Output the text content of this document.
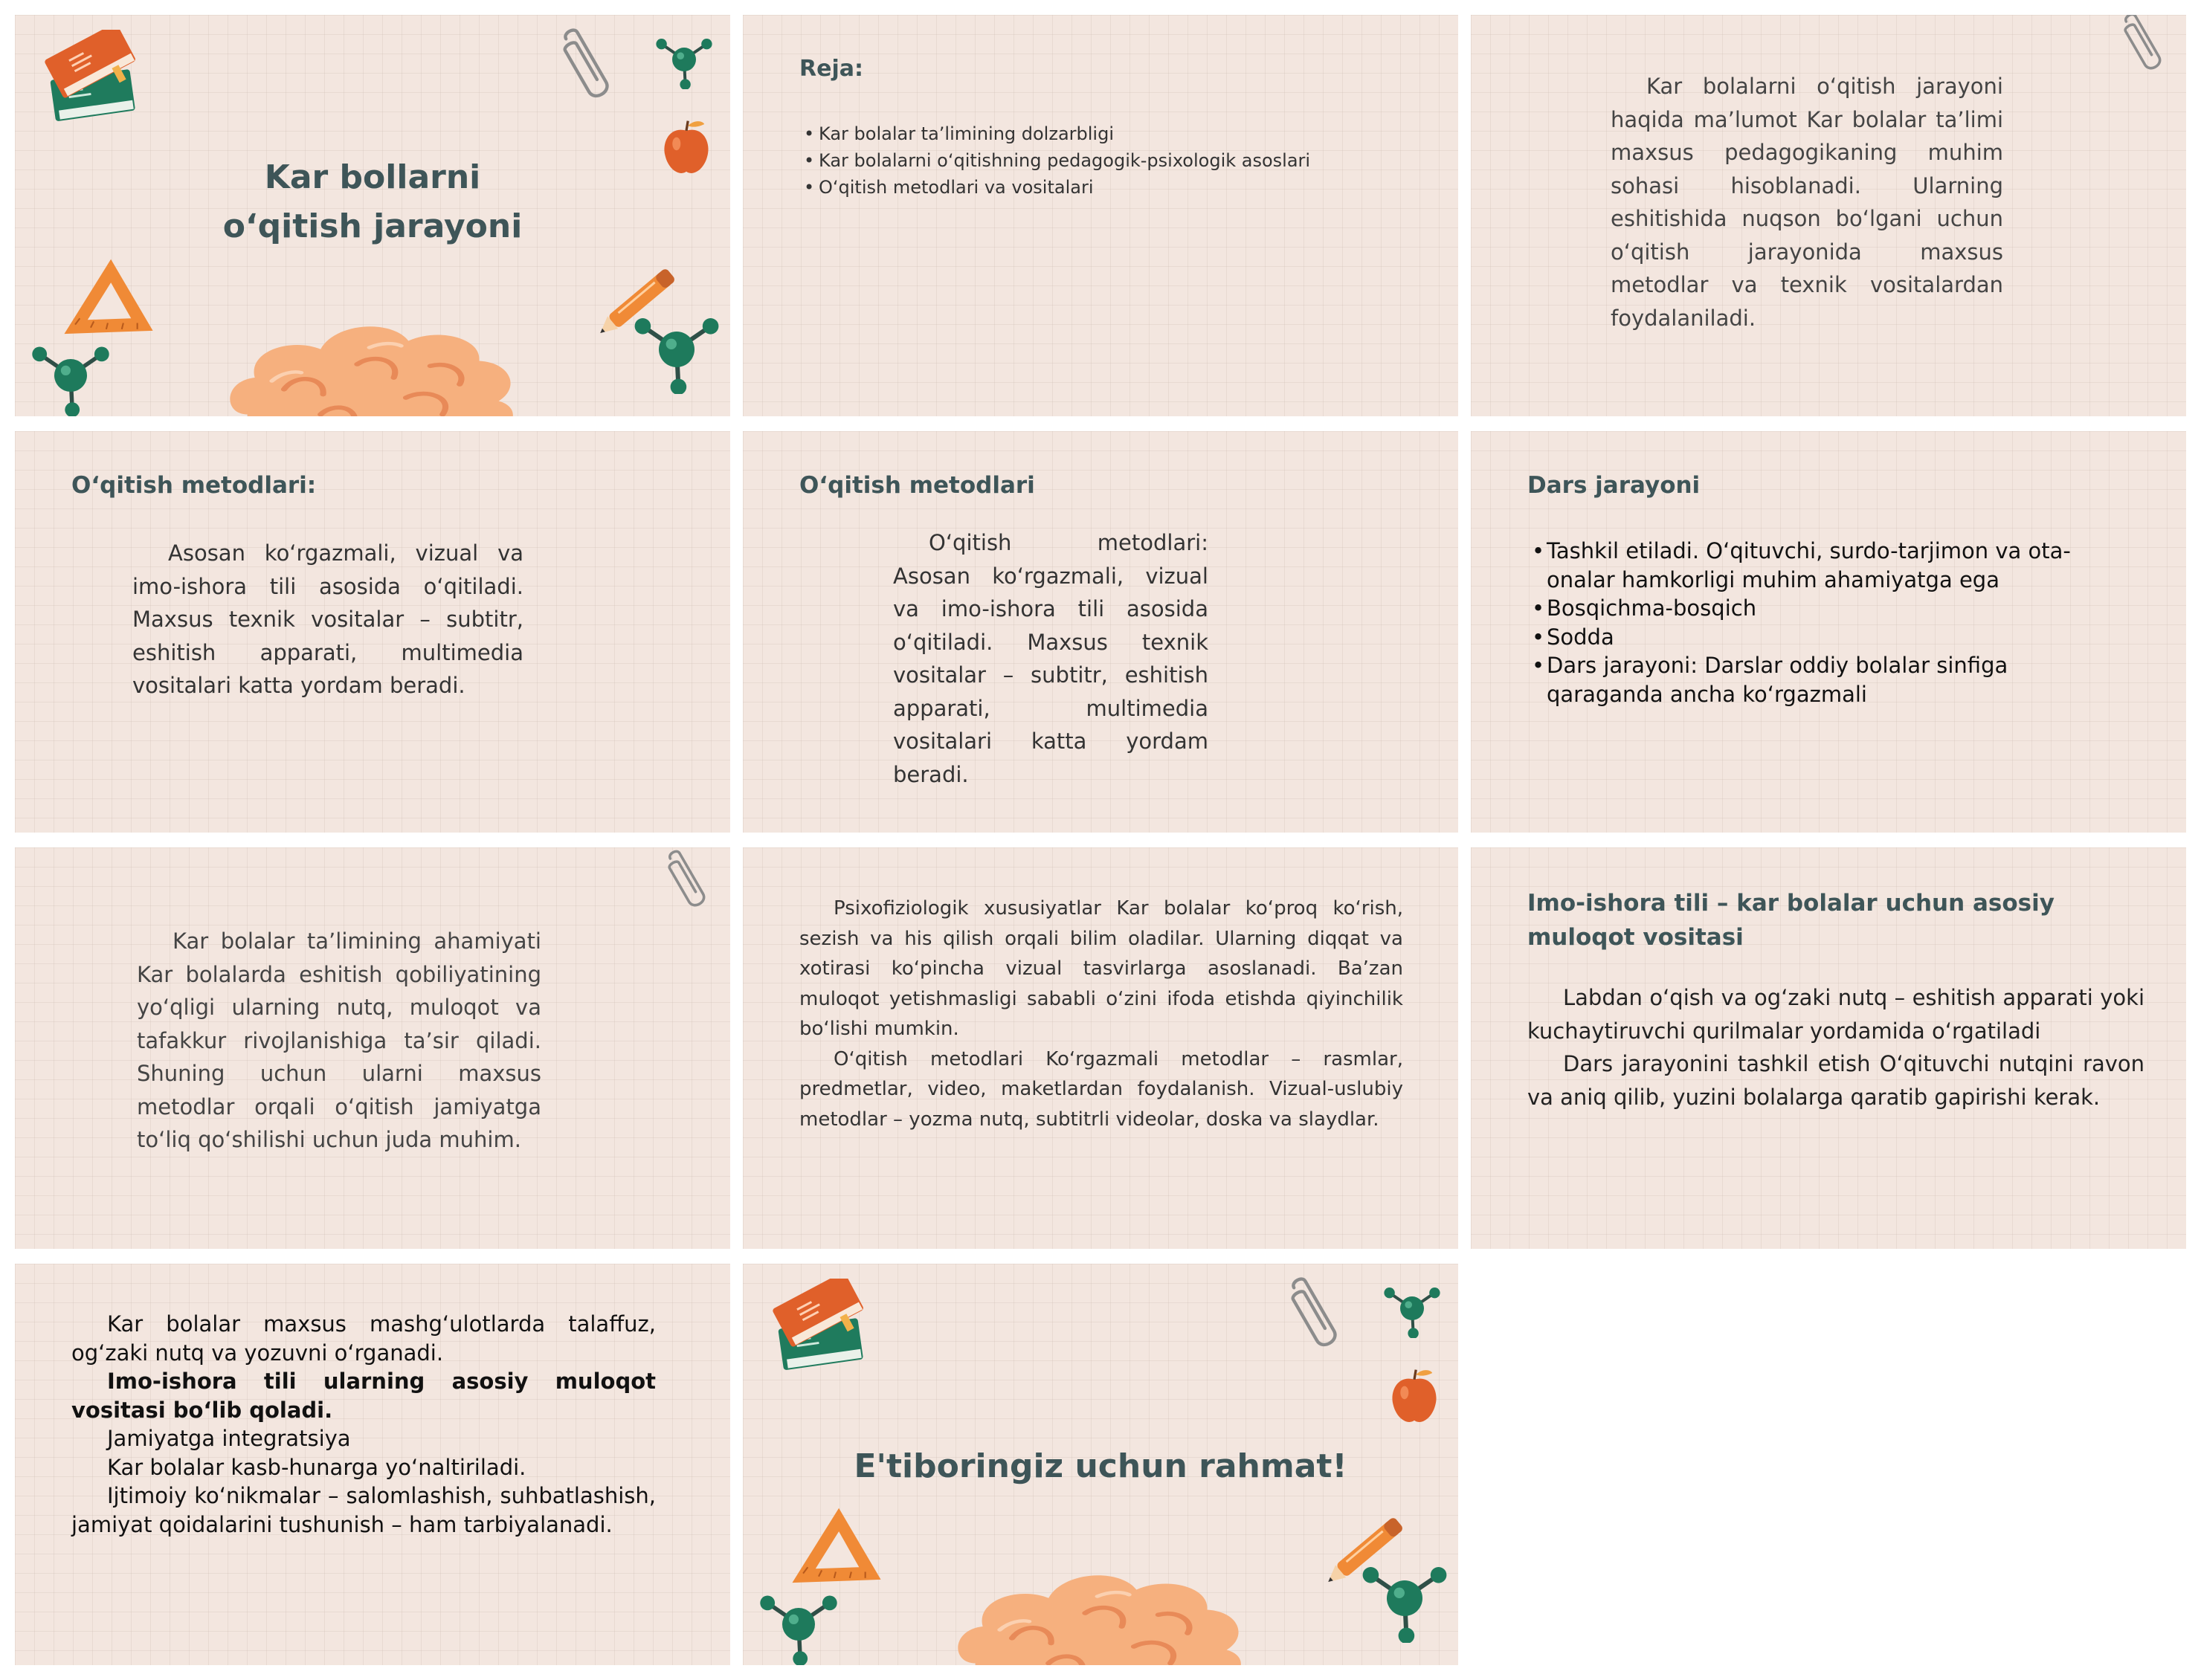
Kar bollarni
o‘qitish jarayoni
Reja:
• Kar bolalar ta’limining dolzarbligi
• Kar bolalarni o‘qitishning pedagogik-psixologik asoslari
• O‘qitish metodlari va vositalari
Kar bolalarni o‘qitish jarayoni haqida ma’lumot Kar bolalar ta’limi maxsus pedagogikaning muhim sohasi hisoblanadi. Ularning eshitishida nuqson bo‘lgani uchun o‘qitish jarayonida maxsus metodlar va texnik vositalardan foydalaniladi.
O‘qitish metodlari:
Asosan ko‘rgazmali, vizual va imo-ishora tili asosida o‘qitiladi. Maxsus texnik vositalar – subtitr, eshitish apparati, multimedia vositalari katta yordam beradi.
O‘qitish metodlari
O‘qitish metodlari: Asosan ko‘rgazmali, vizual va imo-ishora tili asosida o‘qitiladi. Maxsus texnik vositalar – subtitr, eshitish apparati, multimedia vositalari katta yordam beradi.
Dars jarayoni
• Tashkil etiladi. O‘qituvchi, surdo-tarjimon va ota-onalar hamkorligi muhim ahamiyatga ega
• Bosqichma-bosqich
• Sodda
• Dars jarayoni: Darslar oddiy bolalar sinfiga qaraganda ancha ko‘rgazmali
Kar bolalar ta’limining ahamiyati Kar bolalarda eshitish qobiliyatining yo‘qligi ularning nutq, muloqot va tafakkur rivojlanishiga ta’sir qiladi. Shuning uchun ularni maxsus metodlar orqali o‘qitish jamiyatga to‘liq qo‘shilishi uchun juda muhim.

Psixofiziologik xususiyatlar Kar bolalar ko‘proq ko‘rish, sezish va his qilish orqali bilim oladilar. Ularning diqqat va xotirasi ko‘pincha vizual tasvirlarga asoslanadi. Ba’zan muloqot yetishmasligi sababli o‘zini ifoda etishda qiyinchilik bo‘lishi mumkin.

O‘qitish metodlari Ko‘rgazmali metodlar – rasmlar, predmetlar, video, maketlardan foydalanish. Vizual-uslubiy metodlar – yozma nutq, subtitrli videolar, doska va slaydlar.

Imo-ishora tili – kar bolalar uchun asosiy
muloqot vositasi

Labdan o‘qish va og‘zaki nutq – eshitish apparati yoki kuchaytiruvchi qurilmalar yordamida o‘rgatiladi

Dars jarayonini tashkil etish O‘qituvchi nutqini ravon va aniq qilib, yuzini bolalarga qaratib gapirishi kerak.

Kar bolalar maxsus mashg‘ulotlarda talaffuz, og‘zaki nutq va yozuvni o‘rganadi.

Imo-ishora tili ularning asosiy muloqot vositasi bo‘lib qoladi.

Jamiyatga integratsiya

Kar bolalar kasb-hunarga yo‘naltiriladi.

Ijtimoiy ko‘nikmalar – salomlashish, suhbatlashish, jamiyat qoidalarini tushunish – ham tarbiyalanadi.

E'tiboringiz uchun rahmat!
